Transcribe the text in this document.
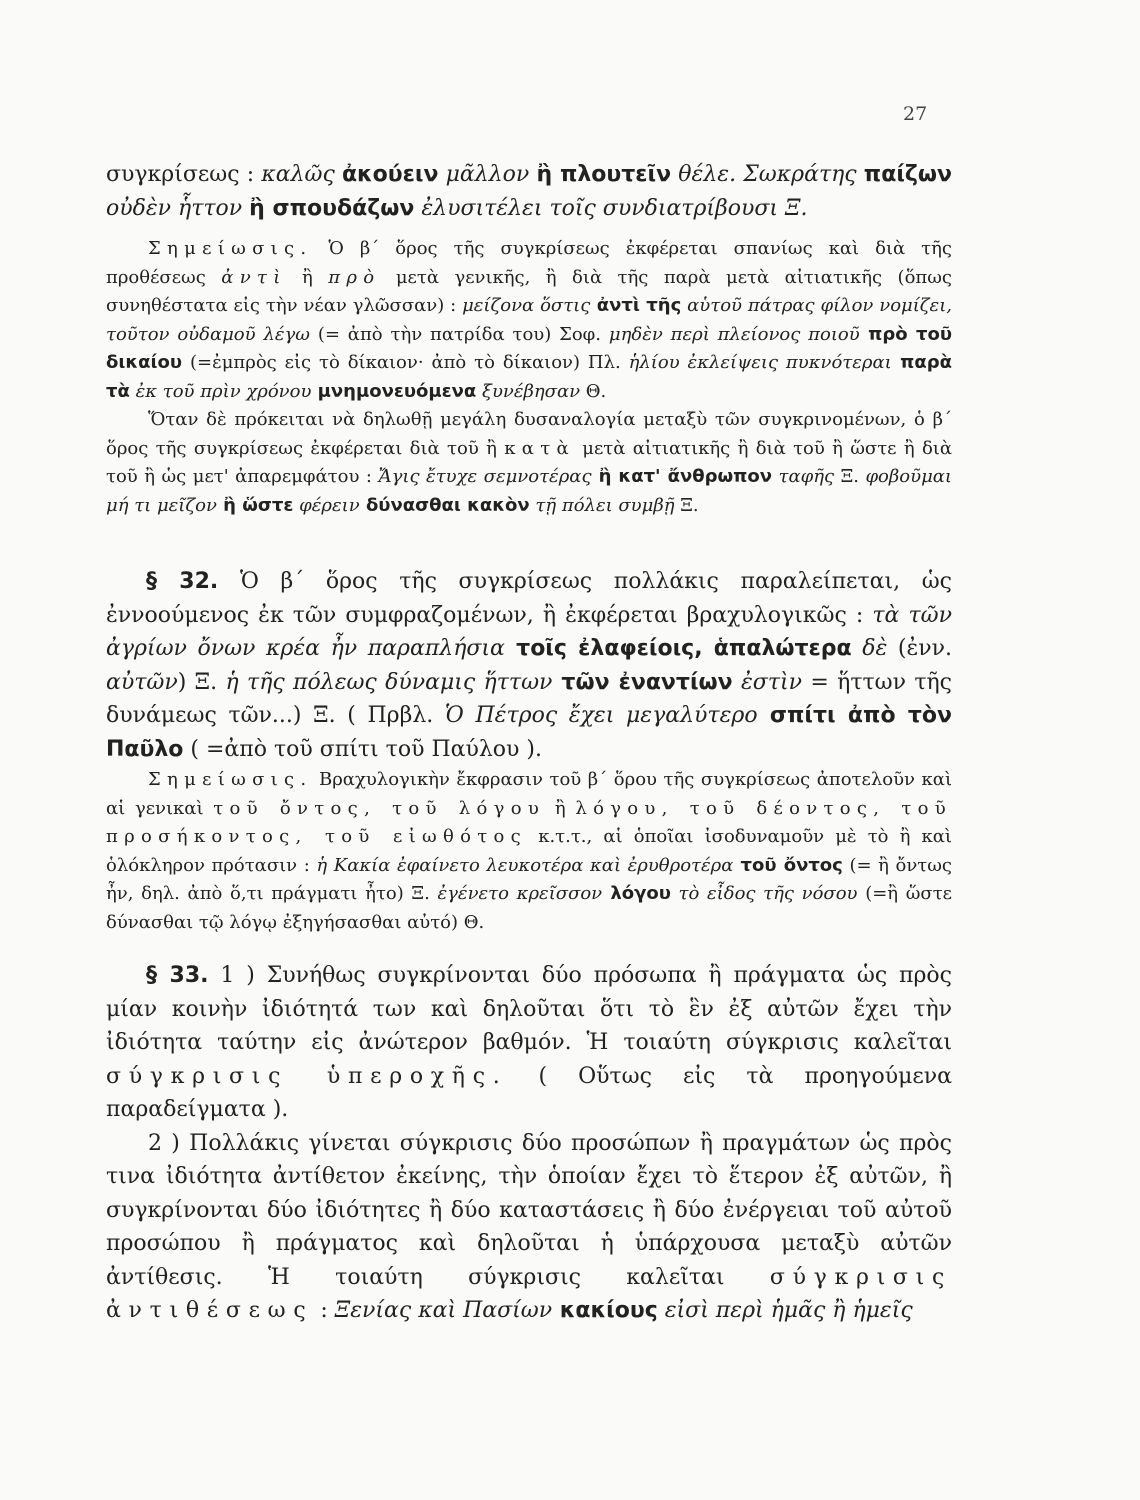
27

συγκρίσεως : καλῶς ἀκούειν μᾶλλον ἢ πλουτεῖν θέλε. Σωκράτης παίζων οὐδὲν ἧττον ἢ σπουδάζων ἐλυσιτέλει τοῖς συνδιατρίβουσι Ξ.

Σημείωσις. Ὁ β΄ ὅρος τῆς συγκρίσεως ἐκφέρεται σπανίως καὶ διὰ τῆς προθέσεως ἀντὶ ἢ πρὸ μετὰ γενικῆς, ἢ διὰ τῆς παρὰ μετὰ αἰτιατικῆς (ὅπως συνηθέστατα εἰς τὴν νέαν γλῶσσαν) : μείζονα ὅστις ἀντὶ τῆς αὑτοῦ πάτρας φίλον νομίζει, τοῦτον οὐδαμοῦ λέγω (= ἀπὸ τὴν πατρίδα του) Σοφ. μηδὲν περὶ πλείονος ποιοῦ πρὸ τοῦ δικαίου (=ἐμπρὸς εἰς τὸ δίκαιον· ἀπὸ τὸ δίκαιον) Πλ. ἡλίου ἐκλείψεις πυκνότεραι παρὰ τὰ ἐκ τοῦ πρὶν χρόνου μνημονευόμενα ξυνέβησαν Θ.

Ὅταν δὲ πρόκειται νὰ δηλωθῇ μεγάλη δυσαναλογία μεταξὺ τῶν συγκρινομένων, ὁ β΄ ὅρος τῆς συγκρίσεως ἐκφέρεται διὰ τοῦ ἢ κατὰ μετὰ αἰτιατικῆς ἢ διὰ τοῦ ἢ ὥστε ἢ διὰ τοῦ ἢ ὡς μετ' ἀπαρεμφάτου : Ἄγις ἔτυχε σεμνοτέρας ἢ κατ' ἄνθρωπον ταφῆς Ξ. φοβοῦμαι μή τι μεῖζον ἢ ὥστε φέρειν δύνασθαι κακὸν τῇ πόλει συμβῇ Ξ.

§ 32. Ὁ β΄ ὅρος τῆς συγκρίσεως πολλάκις παραλείπεται, ὡς ἐννοούμενος ἐκ τῶν συμφραζομένων, ἢ ἐκφέρεται βραχυλογικῶς : τὰ τῶν ἀγρίων ὄνων κρέα ἦν παραπλήσια τοῖς ἐλαφείοις, ἁπαλώτερα δὲ (ἐνν. αὐτῶν) Ξ. ἡ τῆς πόλεως δύναμις ἥττων τῶν ἐναντίων ἐστὶν = ἥττων τῆς δυνάμεως τῶν...) Ξ. ( Πρβλ. Ὁ Πέτρος ἔχει μεγαλύτερο σπίτι ἀπὸ τὸν Παῦλο ( =ἀπὸ τοῦ σπίτι τοῦ Παύλου ).

Σημείωσις. Βραχυλογικὴν ἔκφρασιν τοῦ β΄ ὅρου τῆς συγκρίσεως ἀποτελοῦν καὶ αἱ γενικαὶ τοῦ ὄντος, τοῦ λόγου ἢ λόγου, τοῦ δέοντος, τοῦ προσήκοντος, τοῦ εἰωθότος κ.τ.τ., αἱ ὁποῖαι ἰσοδυναμοῦν μὲ τὸ ἢ καὶ ὁλόκληρον πρότασιν : ἡ Κακία ἐφαίνετο λευκοτέρα καὶ ἐρυθροτέρα τοῦ ὄντος (= ἢ ὄντως ἦν, δηλ. ἀπὸ ὅ,τι πράγματι ἦτο) Ξ. ἐγένετο κρεῖσσον λόγου τὸ εἶδος τῆς νόσου (=ἢ ὥστε δύνασθαι τῷ λόγῳ ἐξηγήσασθαι αὐτό) Θ.

§ 33. 1 ) Συνήθως συγκρίνονται δύο πρόσωπα ἢ πράγματα ὡς πρὸς μίαν κοινὴν ἰδιότητά των καὶ δηλοῦται ὅτι τὸ ἓν ἐξ αὐτῶν ἔχει τὴν ἰδιότητα ταύτην εἰς ἀνώτερον βαθμόν. Ἡ τοιαύτη σύγκρισις καλεῖται σύγκρισις ὑπεροχῆς. ( Οὕτως εἰς τὰ προηγούμενα παραδείγματα ).

2 ) Πολλάκις γίνεται σύγκρισις δύο προσώπων ἢ πραγμάτων ὡς πρὸς τινα ἰδιότητα ἀντίθετον ἐκείνης, τὴν ὁποίαν ἔχει τὸ ἕτερον ἐξ αὐτῶν, ἢ συγκρίνονται δύο ἰδιότητες ἢ δύο καταστάσεις ἢ δύο ἐνέργειαι τοῦ αὐτοῦ προσώπου ἢ πράγματος καὶ δηλοῦται ἡ ὑπάρχουσα μεταξὺ αὐτῶν ἀντίθεσις. Ἡ τοιαύτη σύγκρισις καλεῖται σύγκρισις ἀντιθέσεως : Ξενίας καὶ Πασίων κακίους εἰσὶ περὶ ἡμᾶς ἢ ἡμεῖς
